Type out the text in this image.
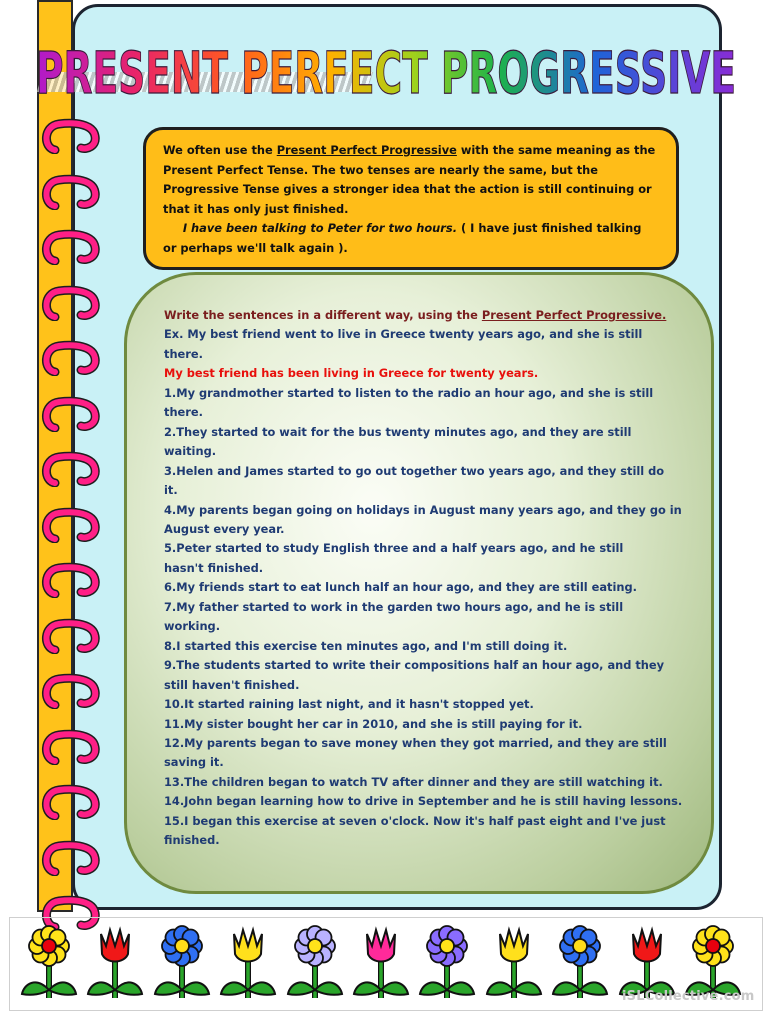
PRESENT PERFECT PROGRESSIVE

We often use the Present Perfect Progressive with the same meaning as the

Present Perfect Tense. The two tenses are nearly the same, but the

Progressive Tense gives a stronger idea that the action is still continuing or

that it has only just finished.

I have been talking to Peter for two hours. ( I have just finished talking

or perhaps we'll talk again ).

Write the sentences in a different way, using the Present Perfect Progressive.
Ex. My best friend went to live in Greece twenty years ago, and she is still
there.
My best friend has been living in Greece for twenty years.
1.My grandmother started to listen to the radio an hour ago, and she is still
there.
2.They started to wait for the bus twenty minutes ago, and they are still
waiting.
3.Helen and James started to go out together two years ago, and they still do
it.
4.My parents began going on holidays in August many years ago, and they go in
August every year.
5.Peter started to study English three and a half years ago, and he still
hasn't finished.
6.My friends start to eat lunch half an hour ago, and they are still eating.
7.My father started to work in the garden two hours ago, and he is still
working.
8.I started this exercise ten minutes ago, and I'm still doing it.
9.The students started to write their compositions half an hour ago, and they
still haven't finished.
10.It started raining last night, and it hasn't stopped yet.
11.My sister bought her car in 2010, and she is still paying for it.
12.My parents began to save money when they got married, and they are still
saving it.
13.The children began to watch TV after dinner and they are still watching it.
14.John began learning how to drive in September and he is still having lessons.
15.I began this exercise at seven o'clock. Now it's half past eight and I've just
finished.
iSLCollective.com
